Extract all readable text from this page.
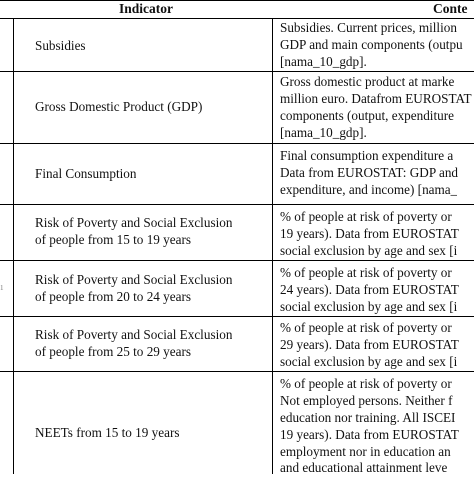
Indicator	Conte
Subsidies
Subsidies. Current prices, million
GDP and main components (outpu
[nama_10_gdp].
Gross Domestic Product (GDP)
Gross domestic product at marke
million euro. Datafrom EUROSTAT
components (output, expenditure
[nama_10_gdp].
Final Consumption
Final consumption expenditure a
Data from EUROSTAT: GDP and
expenditure, and income) [nama_
Risk of Poverty and Social Exclusion
of people from 15 to 19 years
% of people at risk of poverty or
19 years). Data from EUROSTAT
social exclusion by age and sex [i
Risk of Poverty and Social Exclusion
of people from 20 to 24 years
% of people at risk of poverty or
24 years). Data from EUROSTAT
social exclusion by age and sex [i
Risk of Poverty and Social Exclusion
of people from 25 to 29 years
% of people at risk of poverty or
29 years). Data from EUROSTAT
social exclusion by age and sex [i
NEETs from 15 to 19 years
% of people at risk of poverty or
Not employed persons. Neither f
education nor training. All ISCEI
19 years). Data from EUROSTAT
employment nor in education an
and educational attainment leve
1
